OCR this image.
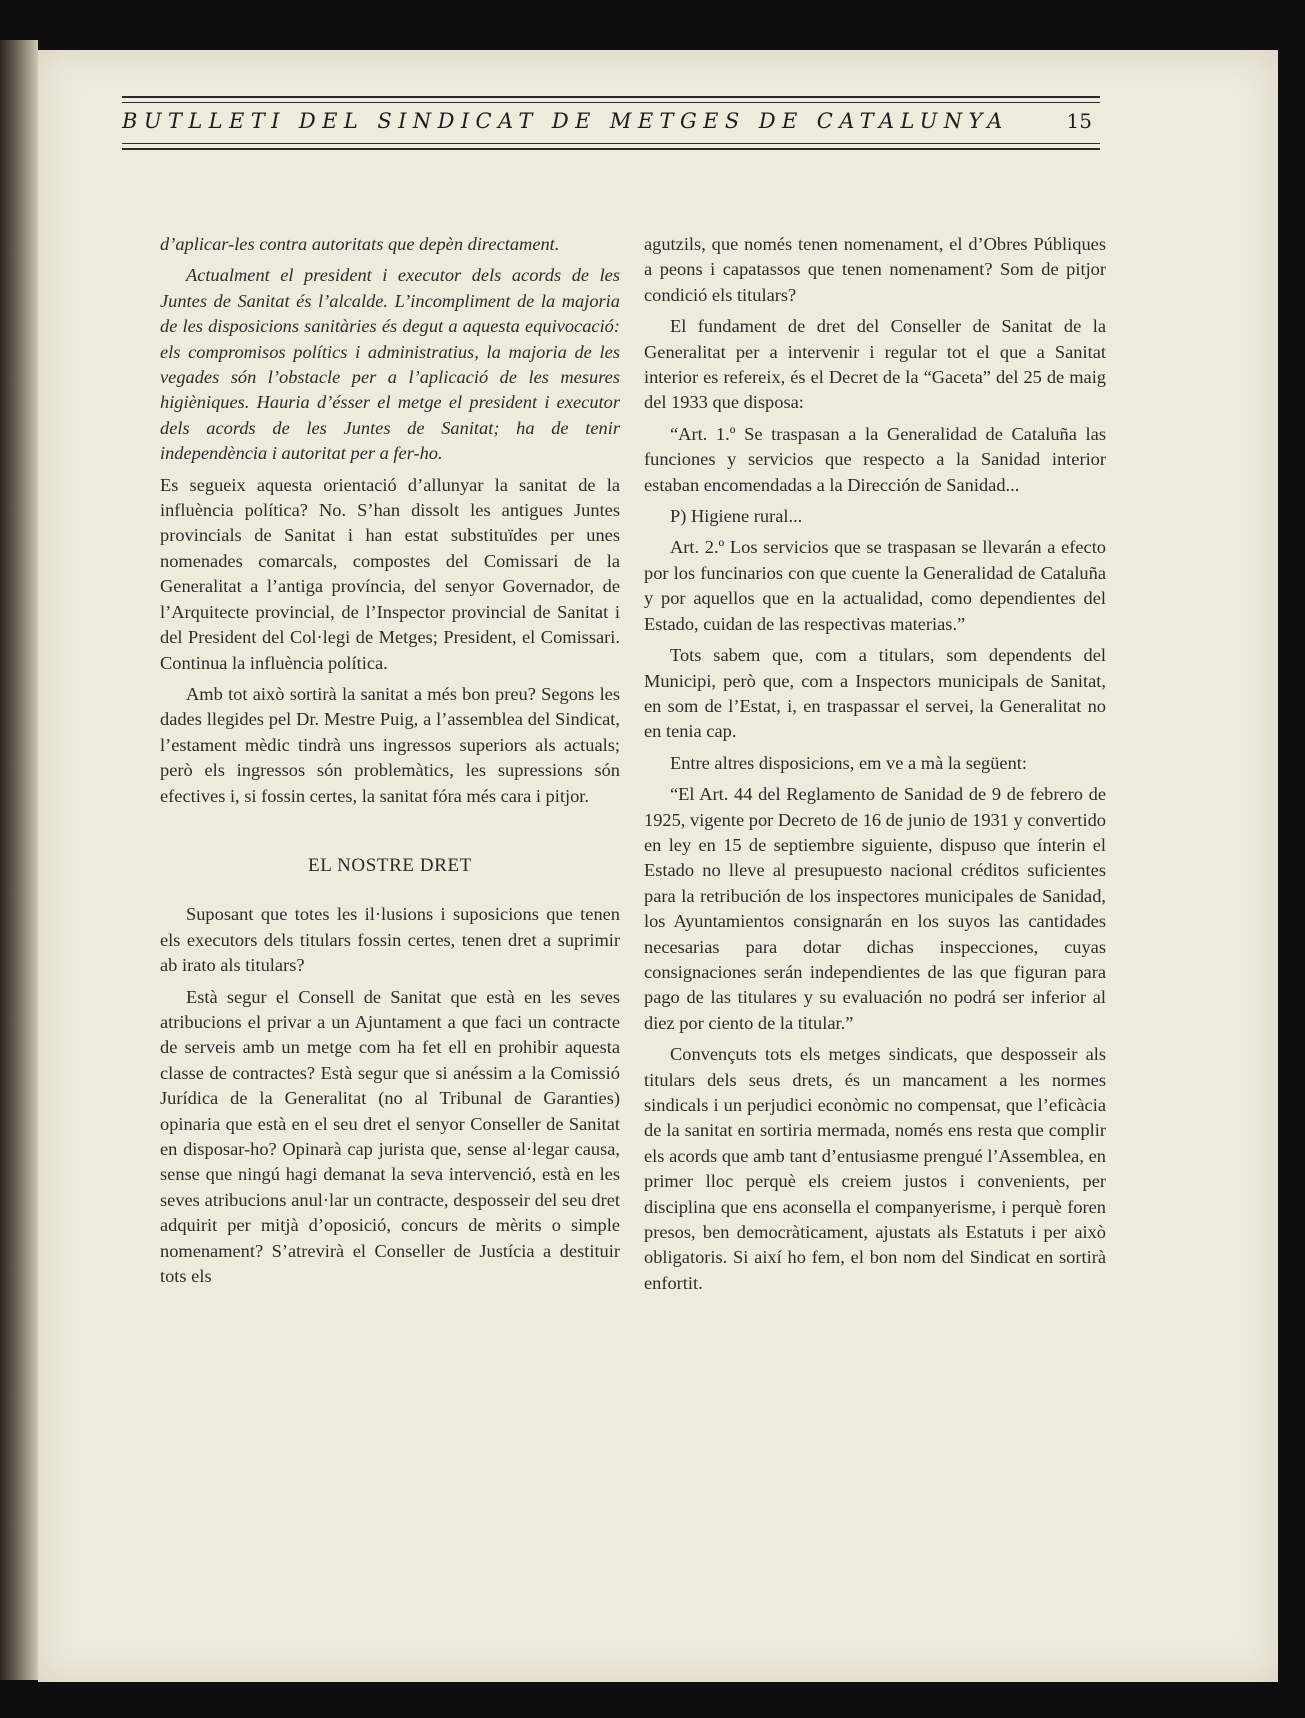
BUTLLETI DEL SINDICAT DE METGES DE CATALUNYA	15

d’aplicar-les contra autoritats que depèn directament.

Actualment el president i executor dels acords de les Juntes de Sanitat és l’alcalde. L’incompliment de la majoria de les disposicions sanitàries és degut a aquesta equivocació: els compromisos polítics i administratius, la majoria de les vegades són l’obstacle per a l’aplicació de les mesures higièniques. Hauria d’ésser el metge el president i executor dels acords de les Juntes de Sanitat; ha de tenir independència i autoritat per a fer-ho.

Es segueix aquesta orientació d’allunyar la sanitat de la influència política? No. S’han dissolt les antigues Juntes provincials de Sanitat i han estat substituïdes per unes nomenades comarcals, compostes del Comissari de la Generalitat a l’antiga província, del senyor Governador, de l’Arquitecte provincial, de l’Inspector provincial de Sanitat i del President del Col·legi de Metges; President, el Comissari. Continua la influència política.

Amb tot això sortirà la sanitat a més bon preu? Segons les dades llegides pel Dr. Mestre Puig, a l’assemblea del Sindicat, l’estament mèdic tindrà uns ingressos superiors als actuals; però els ingressos són problemàtics, les supressions són efectives i, si fossin certes, la sanitat fóra més cara i pitjor.

EL NOSTRE DRET

Suposant que totes les il·lusions i suposicions que tenen els executors dels titulars fossin certes, tenen dret a suprimir ab irato als titulars?

Està segur el Consell de Sanitat que està en les seves atribucions el privar a un Ajuntament a que faci un contracte de serveis amb un metge com ha fet ell en prohibir aquesta classe de contractes? Està segur que si anéssim a la Comissió Jurídica de la Generalitat (no al Tribunal de Garanties) opinaria que està en el seu dret el senyor Conseller de Sanitat en disposar-ho? Opinarà cap jurista que, sense al·legar causa, sense que ningú hagi demanat la seva intervenció, està en les seves atribucions anul·lar un contracte, desposseir del seu dret adquirit per mitjà d’oposició, concurs de mèrits o simple nomenament? S’atrevirà el Conseller de Justícia a destituir tots els

agutzils, que només tenen nomenament, el d’Obres Públiques a peons i capatassos que tenen nomenament? Som de pitjor condició els titulars?

El fundament de dret del Conseller de Sanitat de la Generalitat per a intervenir i regular tot el que a Sanitat interior es refereix, és el Decret de la “Gaceta” del 25 de maig del 1933 que disposa:

“Art. 1.º Se traspasan a la Generalidad de Cataluña las funciones y servicios que respecto a la Sanidad interior estaban encomendadas a la Dirección de Sanidad...

P) Higiene rural...

Art. 2.º Los servicios que se traspasan se llevarán a efecto por los funcinarios con que cuente la Generalidad de Cataluña y por aquellos que en la actualidad, como dependientes del Estado, cuidan de las respectivas materias.”

Tots sabem que, com a titulars, som dependents del Municipi, però que, com a Inspectors municipals de Sanitat, en som de l’Estat, i, en traspassar el servei, la Generalitat no en tenia cap.

Entre altres disposicions, em ve a mà la següent:

“El Art. 44 del Reglamento de Sanidad de 9 de febrero de 1925, vigente por Decreto de 16 de junio de 1931 y convertido en ley en 15 de septiembre siguiente, dispuso que ínterin el Estado no lleve al presupuesto nacional créditos suficientes para la retribución de los inspectores municipales de Sanidad, los Ayuntamientos consignarán en los suyos las cantidades necesarias para dotar dichas inspecciones, cuyas consignaciones serán independientes de las que figuran para pago de las titulares y su evaluación no podrá ser inferior al diez por ciento de la titular.”

Convençuts tots els metges sindicats, que desposseir als titulars dels seus drets, és un mancament a les normes sindicals i un perjudici econòmic no compensat, que l’eficàcia de la sanitat en sortiria mermada, només ens resta que complir els acords que amb tant d’entusiasme prengué l’Assemblea, en primer lloc perquè els creiem justos i convenients, per disciplina que ens aconsella el companyerisme, i perquè foren presos, ben democràticament, ajustats als Estatuts i per això obligatoris. Si així ho fem, el bon nom del Sindicat en sortirà enfortit.
